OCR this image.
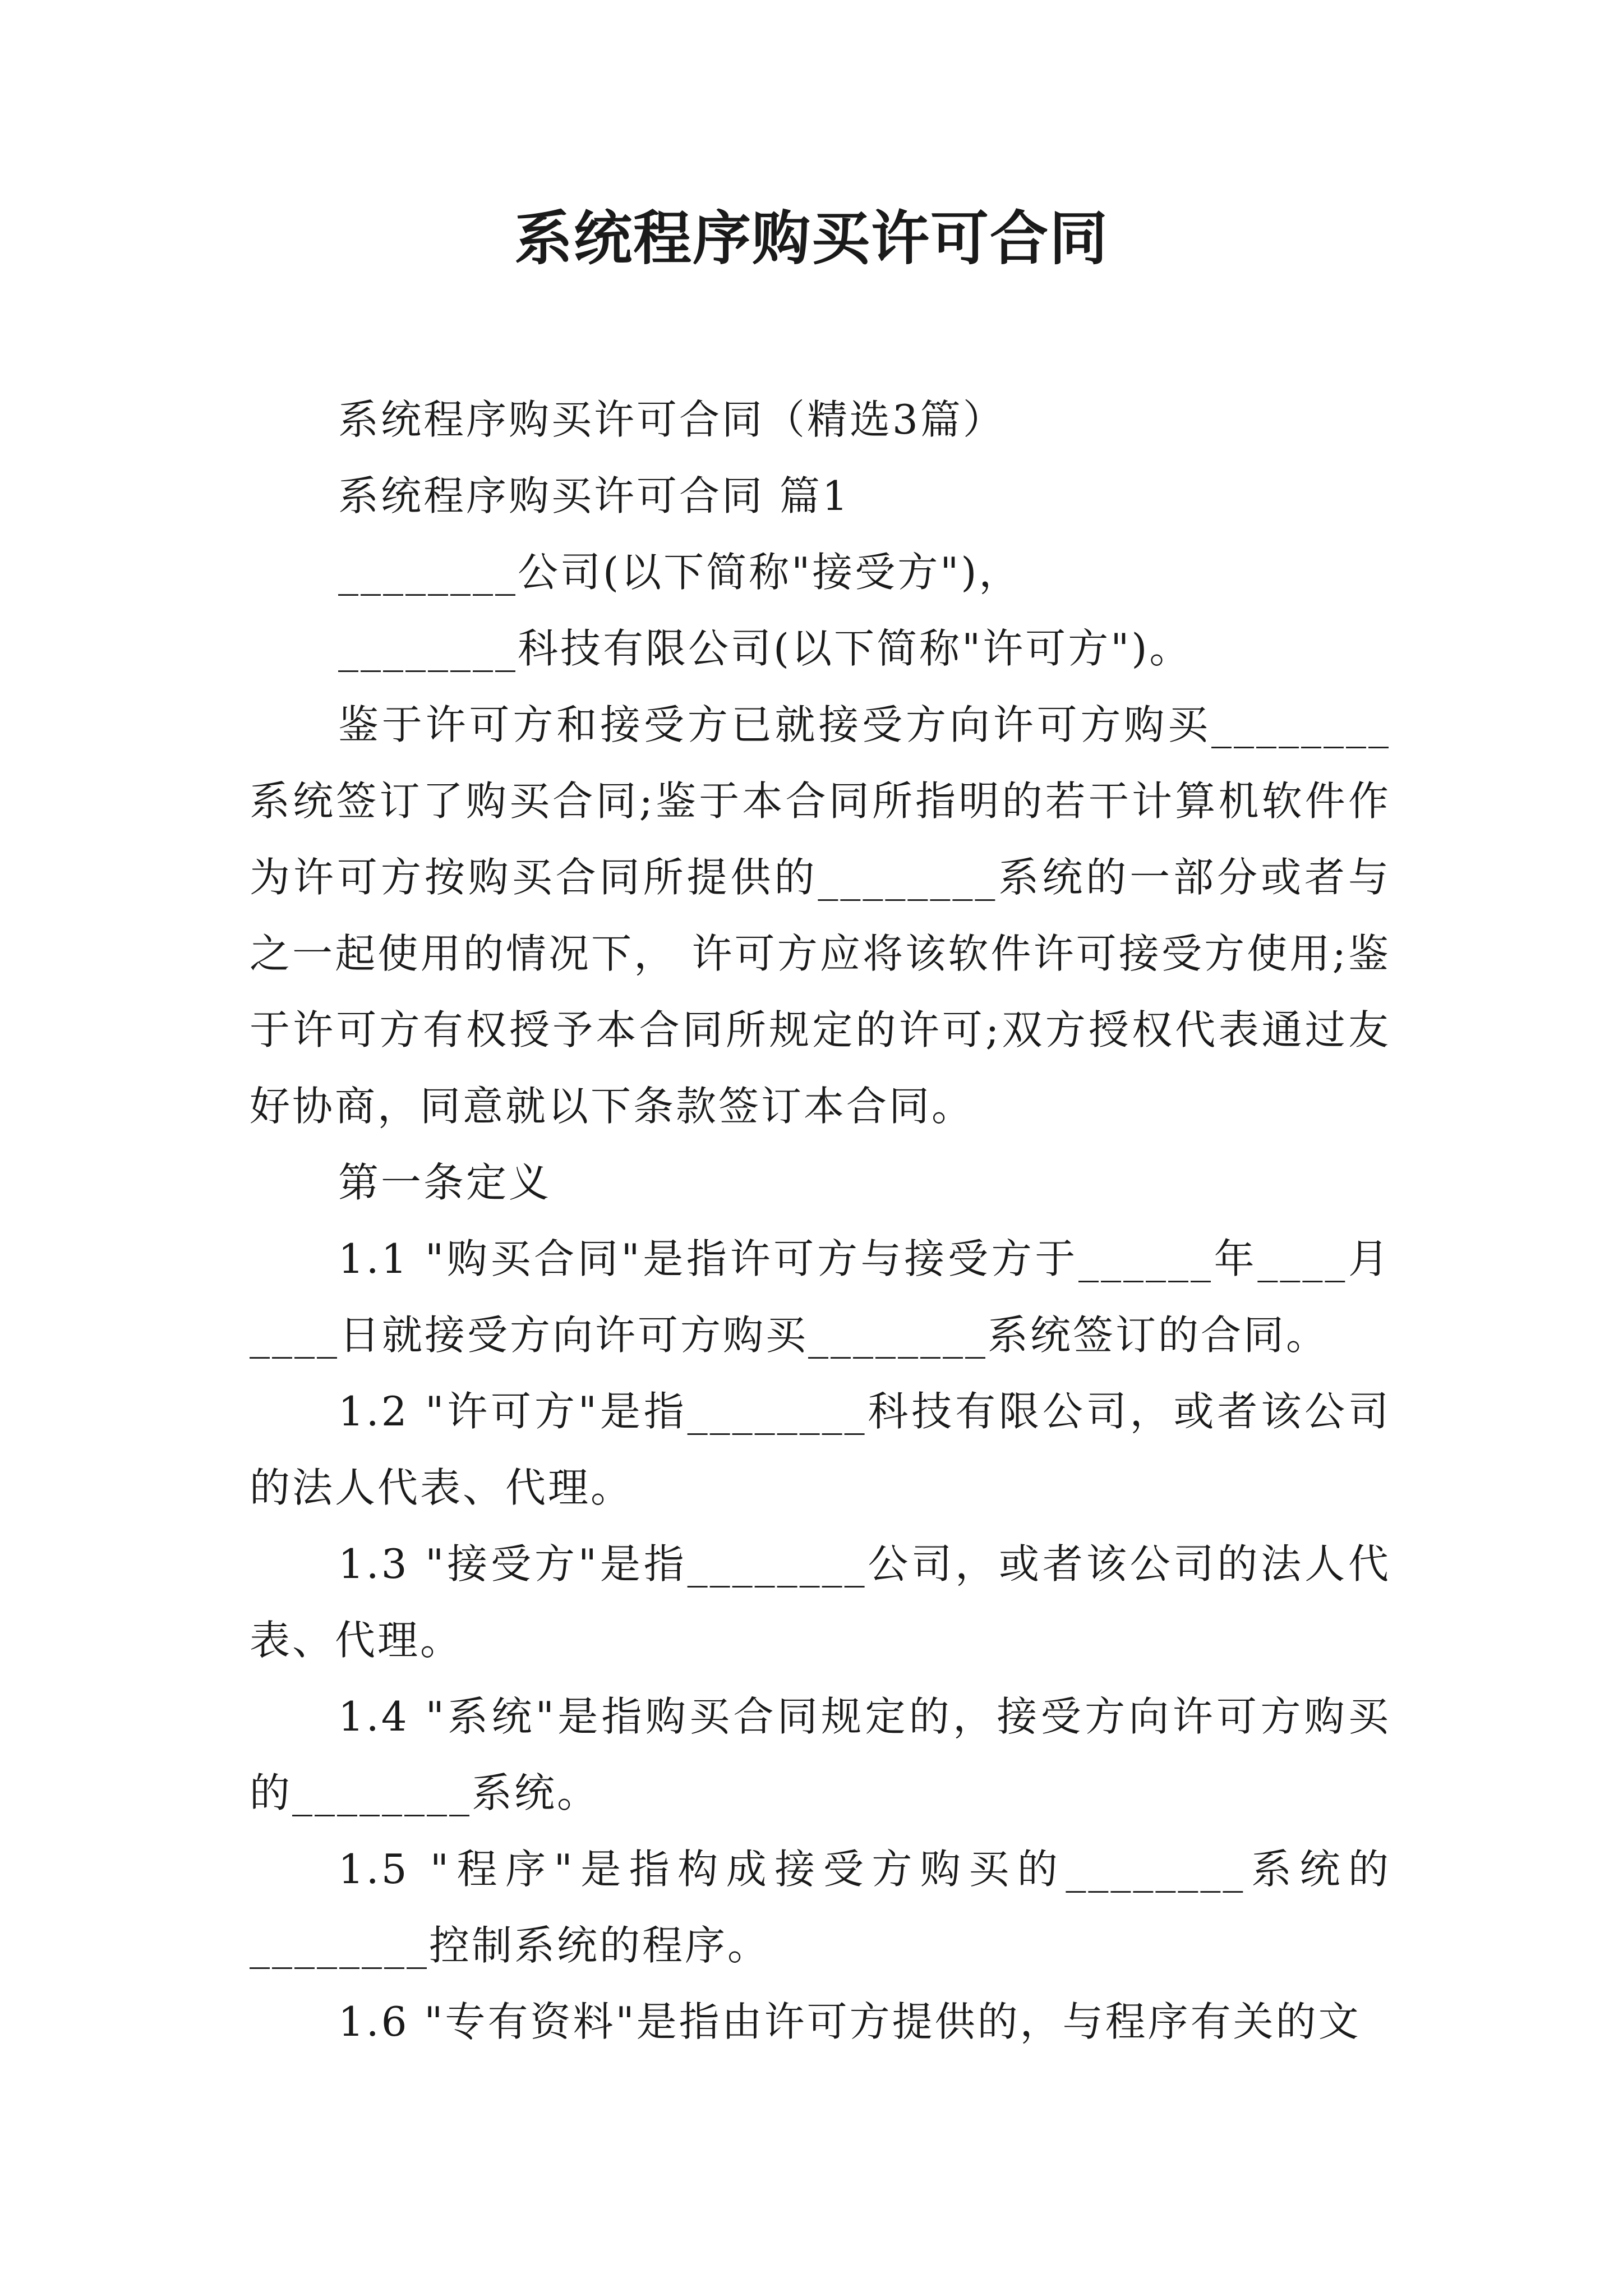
系统程序购买许可合同

系统程序购买许可合同（精选3篇）

系统程序购买许可合同 篇1

________公司(以下简称"接受方")，

________科技有限公司(以下简称"许可方")。

鉴于许可方和接受方已就接受方向许可方购买________系统签订了购买合同;鉴于本合同所指明的若干计算机软件作为许可方按购买合同所提供的________系统的一部分或者与之一起使用的情况下， 许可方应将该软件许可接受方使用;鉴于许可方有权授予本合同所规定的许可;双方授权代表通过友好协商，同意就以下条款签订本合同。

第一条定义

1.1 "购买合同"是指许可方与接受方于______年____月____日就接受方向许可方购买________系统签订的合同。

1.2 "许可方"是指________科技有限公司，或者该公司的法人代表、代理。

1.3 "接受方"是指________公司，或者该公司的法人代表、代理。

1.4 "系统"是指购买合同规定的，接受方向许可方购买的________系统。

1.5 "程序"是指构成接受方购买的________系统的________控制系统的程序。

1.6 "专有资料"是指由许可方提供的，与程序有关的文
